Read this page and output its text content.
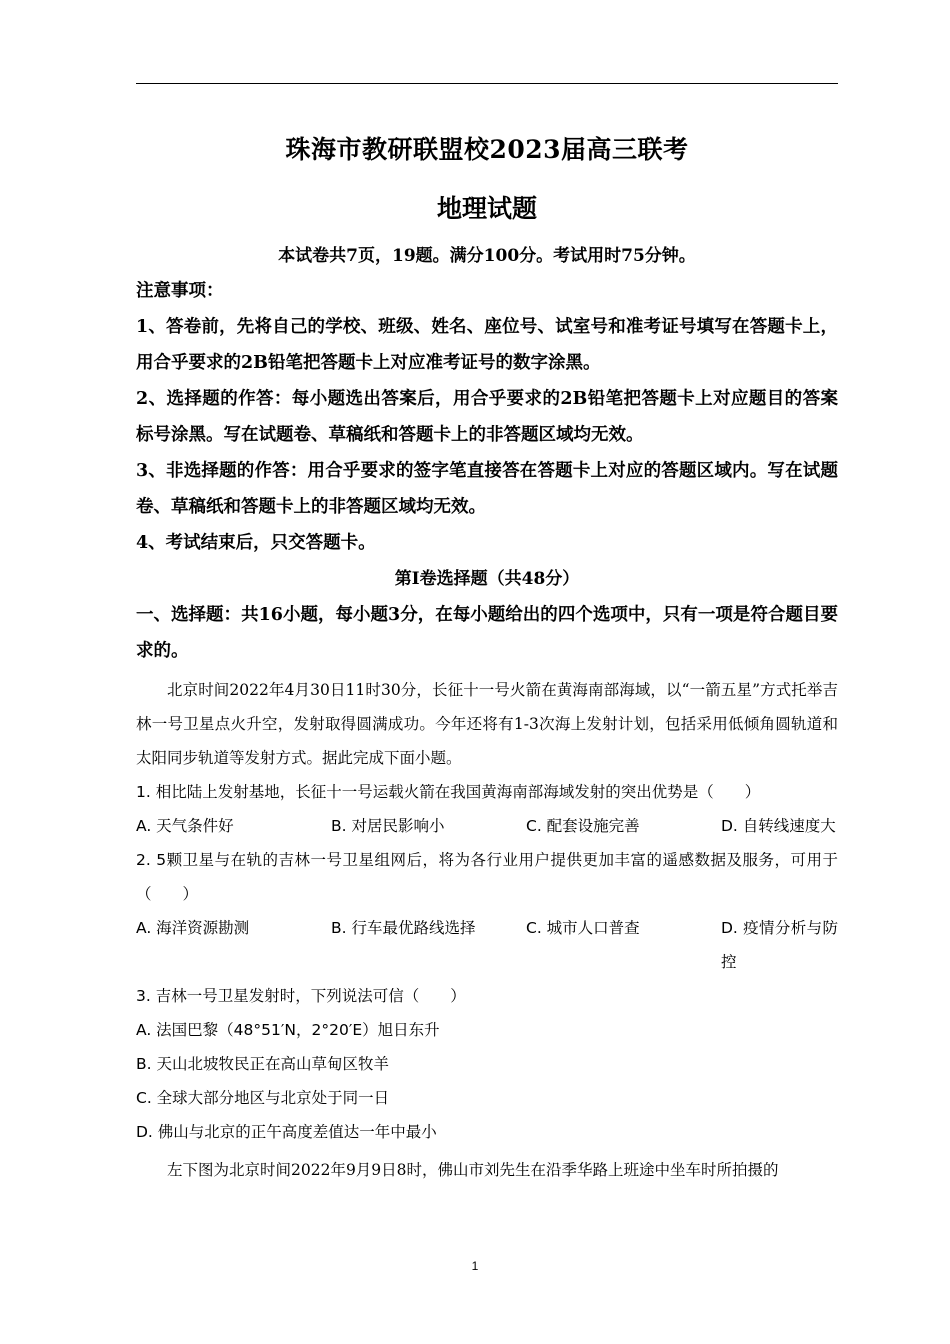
珠海市教研联盟校2023届高三联考
地理试题
本试卷共7页，19题。满分100分。考试用时75分钟。
注意事项：
1、答卷前，先将自己的学校、班级、姓名、座位号、试室号和准考证号填写在答题卡上，用合乎要求的2B铅笔把答题卡上对应准考证号的数字涂黑。
2、选择题的作答：每小题选出答案后，用合乎要求的2B铅笔把答题卡上对应题目的答案标号涂黑。写在试题卷、草稿纸和答题卡上的非答题区域均无效。
3、非选择题的作答：用合乎要求的签字笔直接答在答题卡上对应的答题区域内。写在试题卷、草稿纸和答题卡上的非答题区域均无效。
4、考试结束后，只交答题卡。
第Ⅰ卷选择题（共48分）
一、选择题：共16小题，每小题3分，在每小题给出的四个选项中，只有一项是符合题目要求的。
北京时间2022年4月30日11时30分，长征十一号火箭在黄海南部海域，以“一箭五星”方式托举吉林一号卫星点火升空，发射取得圆满成功。今年还将有1-3次海上发射计划，包括采用低倾角圆轨道和太阳同步轨道等发射方式。据此完成下面小题。
1. 相比陆上发射基地，长征十一号运载火箭在我国黄海南部海域发射的突出优势是（　　）
A. 天气条件好	B. 对居民影响小	C. 配套设施完善	D. 自转线速度大
2. 5颗卫星与在轨的吉林一号卫星组网后，将为各行业用户提供更加丰富的遥感数据及服务，可用于（　　）
A. 海洋资源勘测	B. 行车最优路线选择	C. 城市人口普查	D. 疫情分析与防控
3. 吉林一号卫星发射时，下列说法可信（　　）
A. 法国巴黎（48°51′N，2°20′E）旭日东升
B. 天山北坡牧民正在高山草甸区牧羊
C. 全球大部分地区与北京处于同一日
D. 佛山与北京的正午高度差值达一年中最小
左下图为北京时间2022年9月9日8时，佛山市刘先生在沿季华路上班途中坐车时所拍摄的
1
